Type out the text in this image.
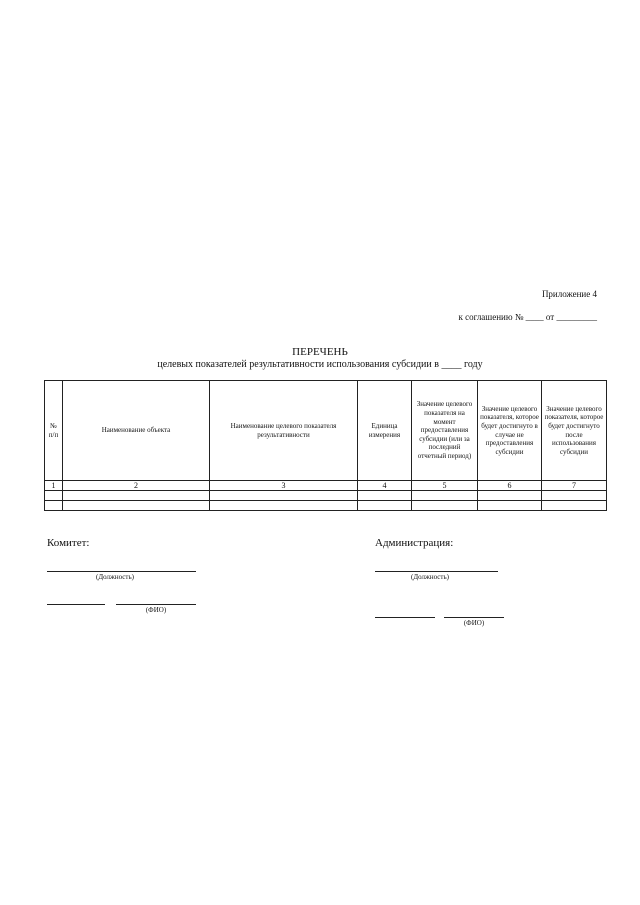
Приложение 4
к соглашению № ____ от _________
ПЕРЕЧЕНЬ
целевых показателей результативности использования субсидии в ____ году
№ п/п	Наименование объекта	Наименование целевого показателя результативности	Единица измерения	Значение целевого показателя на момент предоставления субсидии (или за последний отчетный период)	Значение целевого показателя, которое будет достигнуто в случае не предоставления субсидии	Значение целевого показателя, которое будет достигнуто после использования субсидии
1	2	3	4	5	6	7

Комитет:
(Должность)
(ФИО)
Администрация:
(Должность)
(ФИО)
